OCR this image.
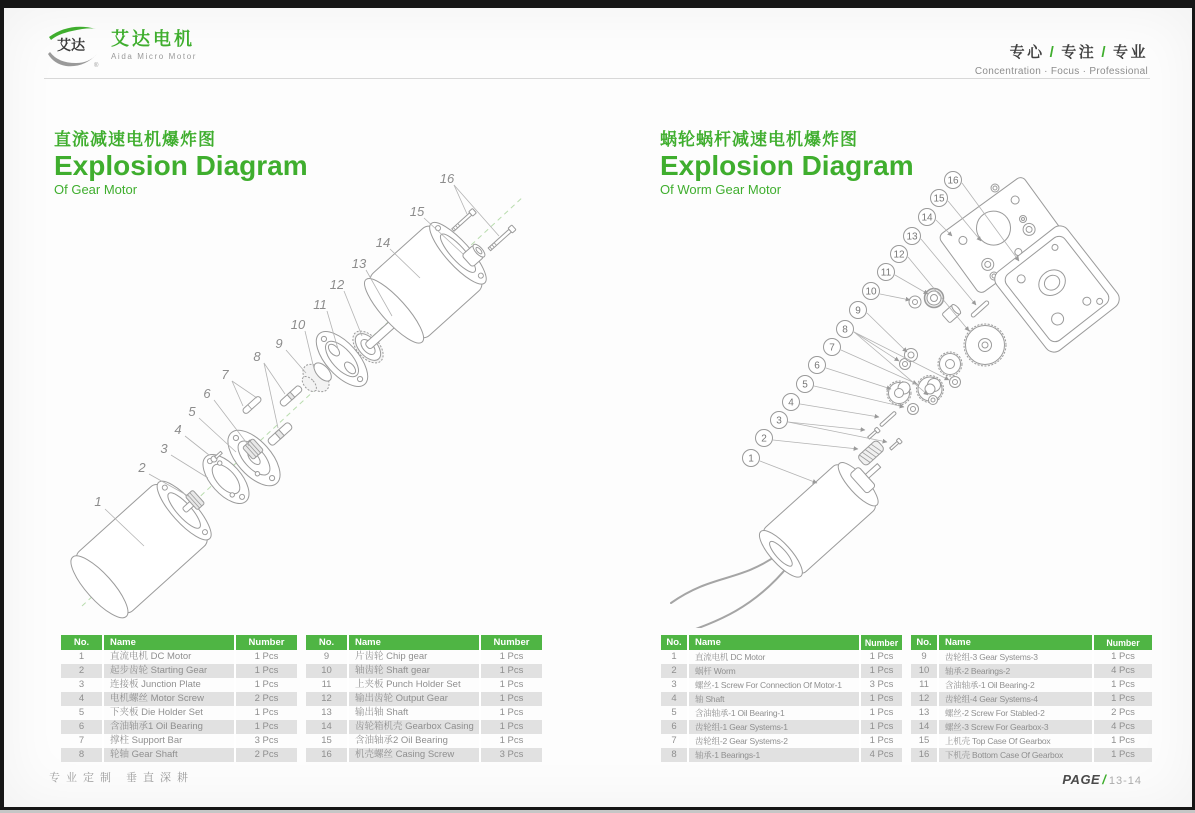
艾达
®
艾达电机
Aida Micro Motor	专心 / 专注 / 专业
Concentration · Focus · Professional
直流减速电机爆炸图
Explosion Diagram
Of Gear Motor
蜗轮蜗杆减速电机爆炸图
Explosion Diagram
Of Worm Gear Motor
1
2
3
4
5
6
7
8
9
10
11
12
13
14
15
16
1
2
3
4
5
6
7
8
9
10
11
12
13
14
15
16
No.	Name	Number
1	直流电机 DC Motor	1 Pcs
2	起步齿轮 Starting Gear	1 Pcs
3	连接板 Junction Plate	1 Pcs
4	电机螺丝 Motor Screw	2 Pcs
5	下夹板 Die Holder Set	1 Pcs
6	含油轴承1 Oil Bearing	1 Pcs
7	撑柱 Support Bar	3 Pcs
8	轮轴 Gear Shaft	2 Pcs
No.	Name	Number
9	片齿轮 Chip gear	1 Pcs
10	轴齿轮 Shaft gear	1 Pcs
11	上夹板 Punch Holder Set	1 Pcs
12	输出齿轮 Output Gear	1 Pcs
13	输出轴 Shaft	1 Pcs
14	齿轮箱机壳 Gearbox Casing	1 Pcs
15	含油轴承2 Oil Bearing	1 Pcs
16	机壳螺丝 Casing Screw	3 Pcs
No.	Name	Number
1	直流电机 DC Motor	1 Pcs
2	蜗杆 Worm	1 Pcs
3	螺丝-1 Screw For Connection Of Motor-1	3 Pcs
4	轴 Shaft	1 Pcs
5	含油轴承-1 Oil Bearing-1	1 Pcs
6	齿轮组-1 Gear Systems-1	1 Pcs
7	齿轮组-2 Gear Systems-2	1 Pcs
8	轴承-1 Bearings-1	4 Pcs
No.	Name	Number
9	齿轮组-3 Gear Systems-3	1 Pcs
10	轴承-2 Bearings-2	4 Pcs
11	含油轴承-1 Oil Bearing-2	1 Pcs
12	齿轮组-4 Gear Systems-4	1 Pcs
13	螺丝-2 Screw For Stabled-2	2 Pcs
14	螺丝-3 Screw For Gearbox-3	4 Pcs
15	上机壳 Top Case Of Gearbox	1 Pcs
16	下机壳 Bottom Case Of Gearbox	1 Pcs
专业定制 垂直深耕	PAGE / 13-14
